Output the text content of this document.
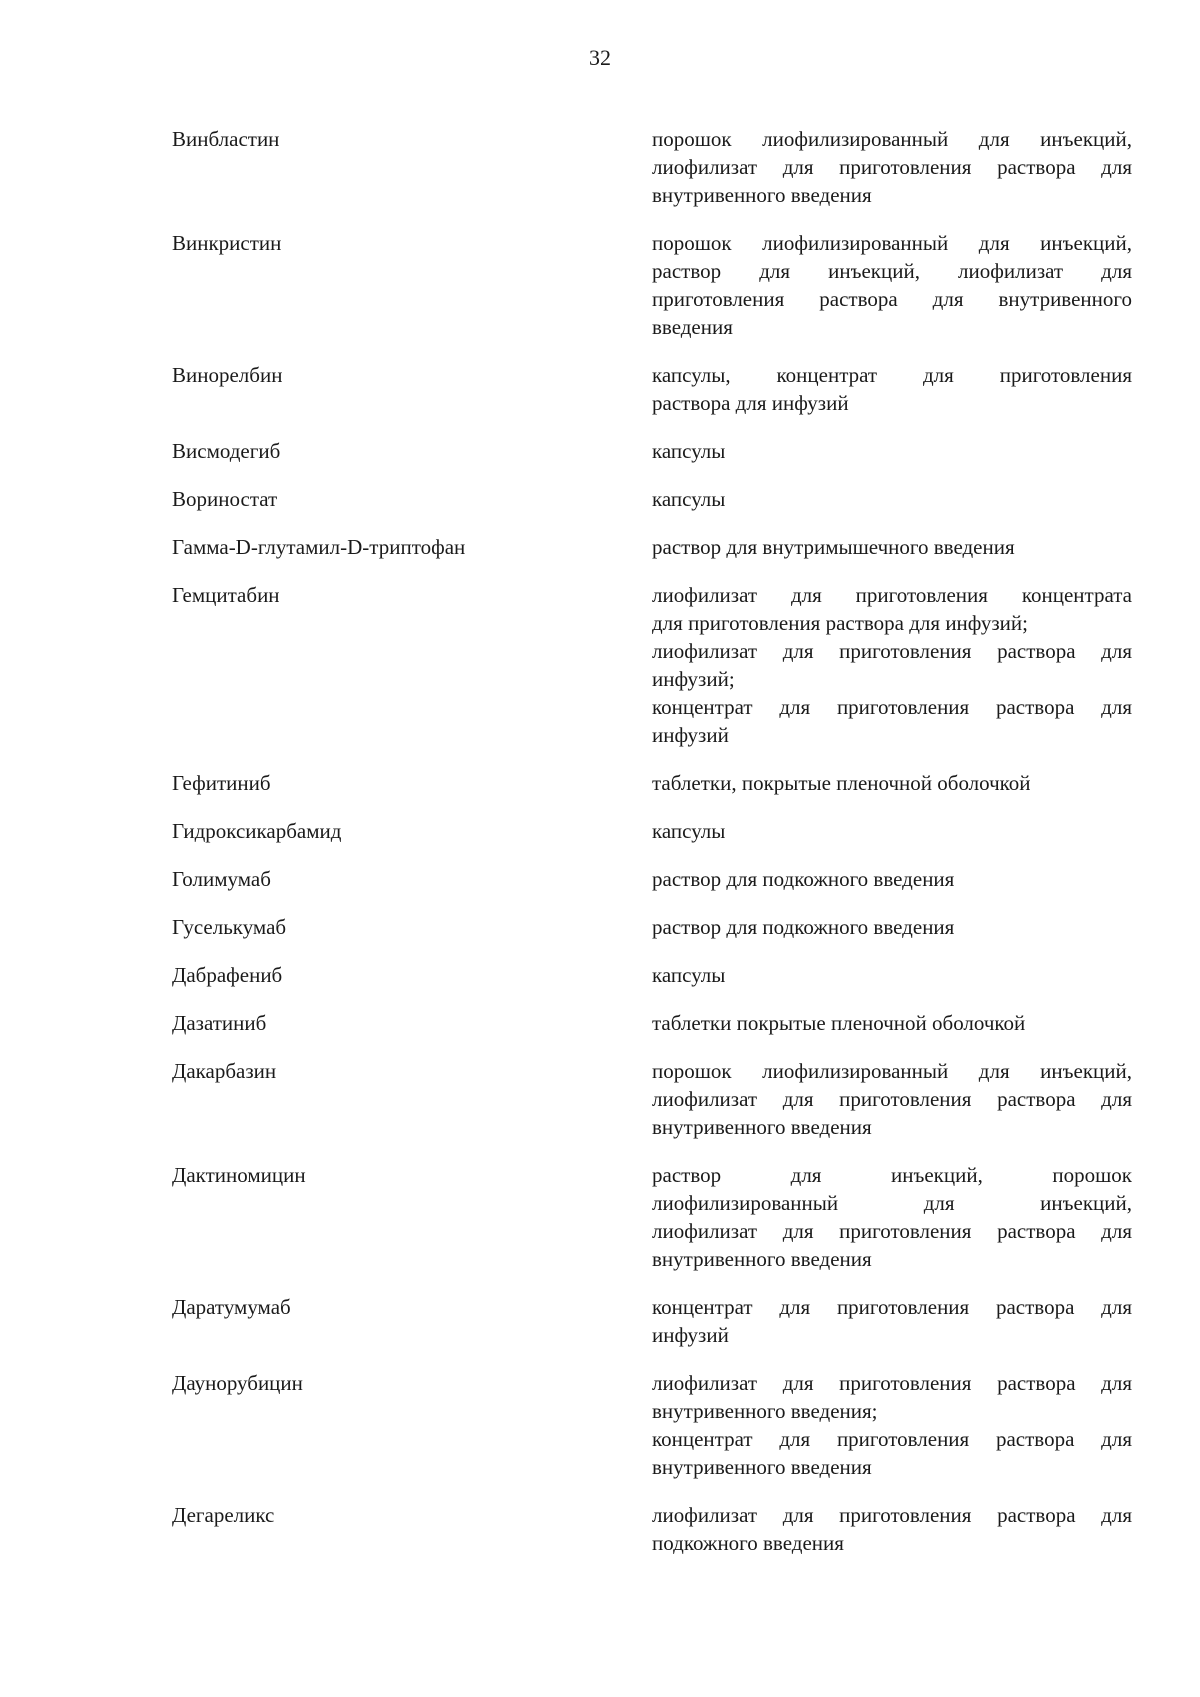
32
Винбластин	порошок лиофилизированный для инъекций,
лиофилизат для приготовления раствора для
внутривенного введения
Винкристин	порошок лиофилизированный для инъекций,
раствор для инъекций, лиофилизат для
приготовления раствора для внутривенного
введения
Винорелбин	капсулы, концентрат для приготовления
раствора для инфузий
Висмодегиб	капсулы
Вориностат	капсулы
Гамма-D-глутамил-D-триптофан	раствор для внутримышечного введения
Гемцитабин	лиофилизат для приготовления концентрата
для приготовления раствора для инфузий;
лиофилизат для приготовления раствора для
инфузий;
концентрат для приготовления раствора для
инфузий
Гефитиниб	таблетки, покрытые пленочной оболочкой
Гидроксикарбамид	капсулы
Голимумаб	раствор для подкожного введения
Гуселькумаб	раствор для подкожного введения
Дабрафениб	капсулы
Дазатиниб	таблетки покрытые пленочной оболочкой
Дакарбазин	порошок лиофилизированный для инъекций,
лиофилизат для приготовления раствора для
внутривенного введения
Дактиномицин	раствор для инъекций, порошок
лиофилизированный для инъекций,
лиофилизат для приготовления раствора для
внутривенного введения
Даратумумаб	концентрат для приготовления раствора для
инфузий
Даунорубицин	лиофилизат для приготовления раствора для
внутривенного введения;
концентрат для приготовления раствора для
внутривенного введения
Дегареликс	лиофилизат для приготовления раствора для
подкожного введения
